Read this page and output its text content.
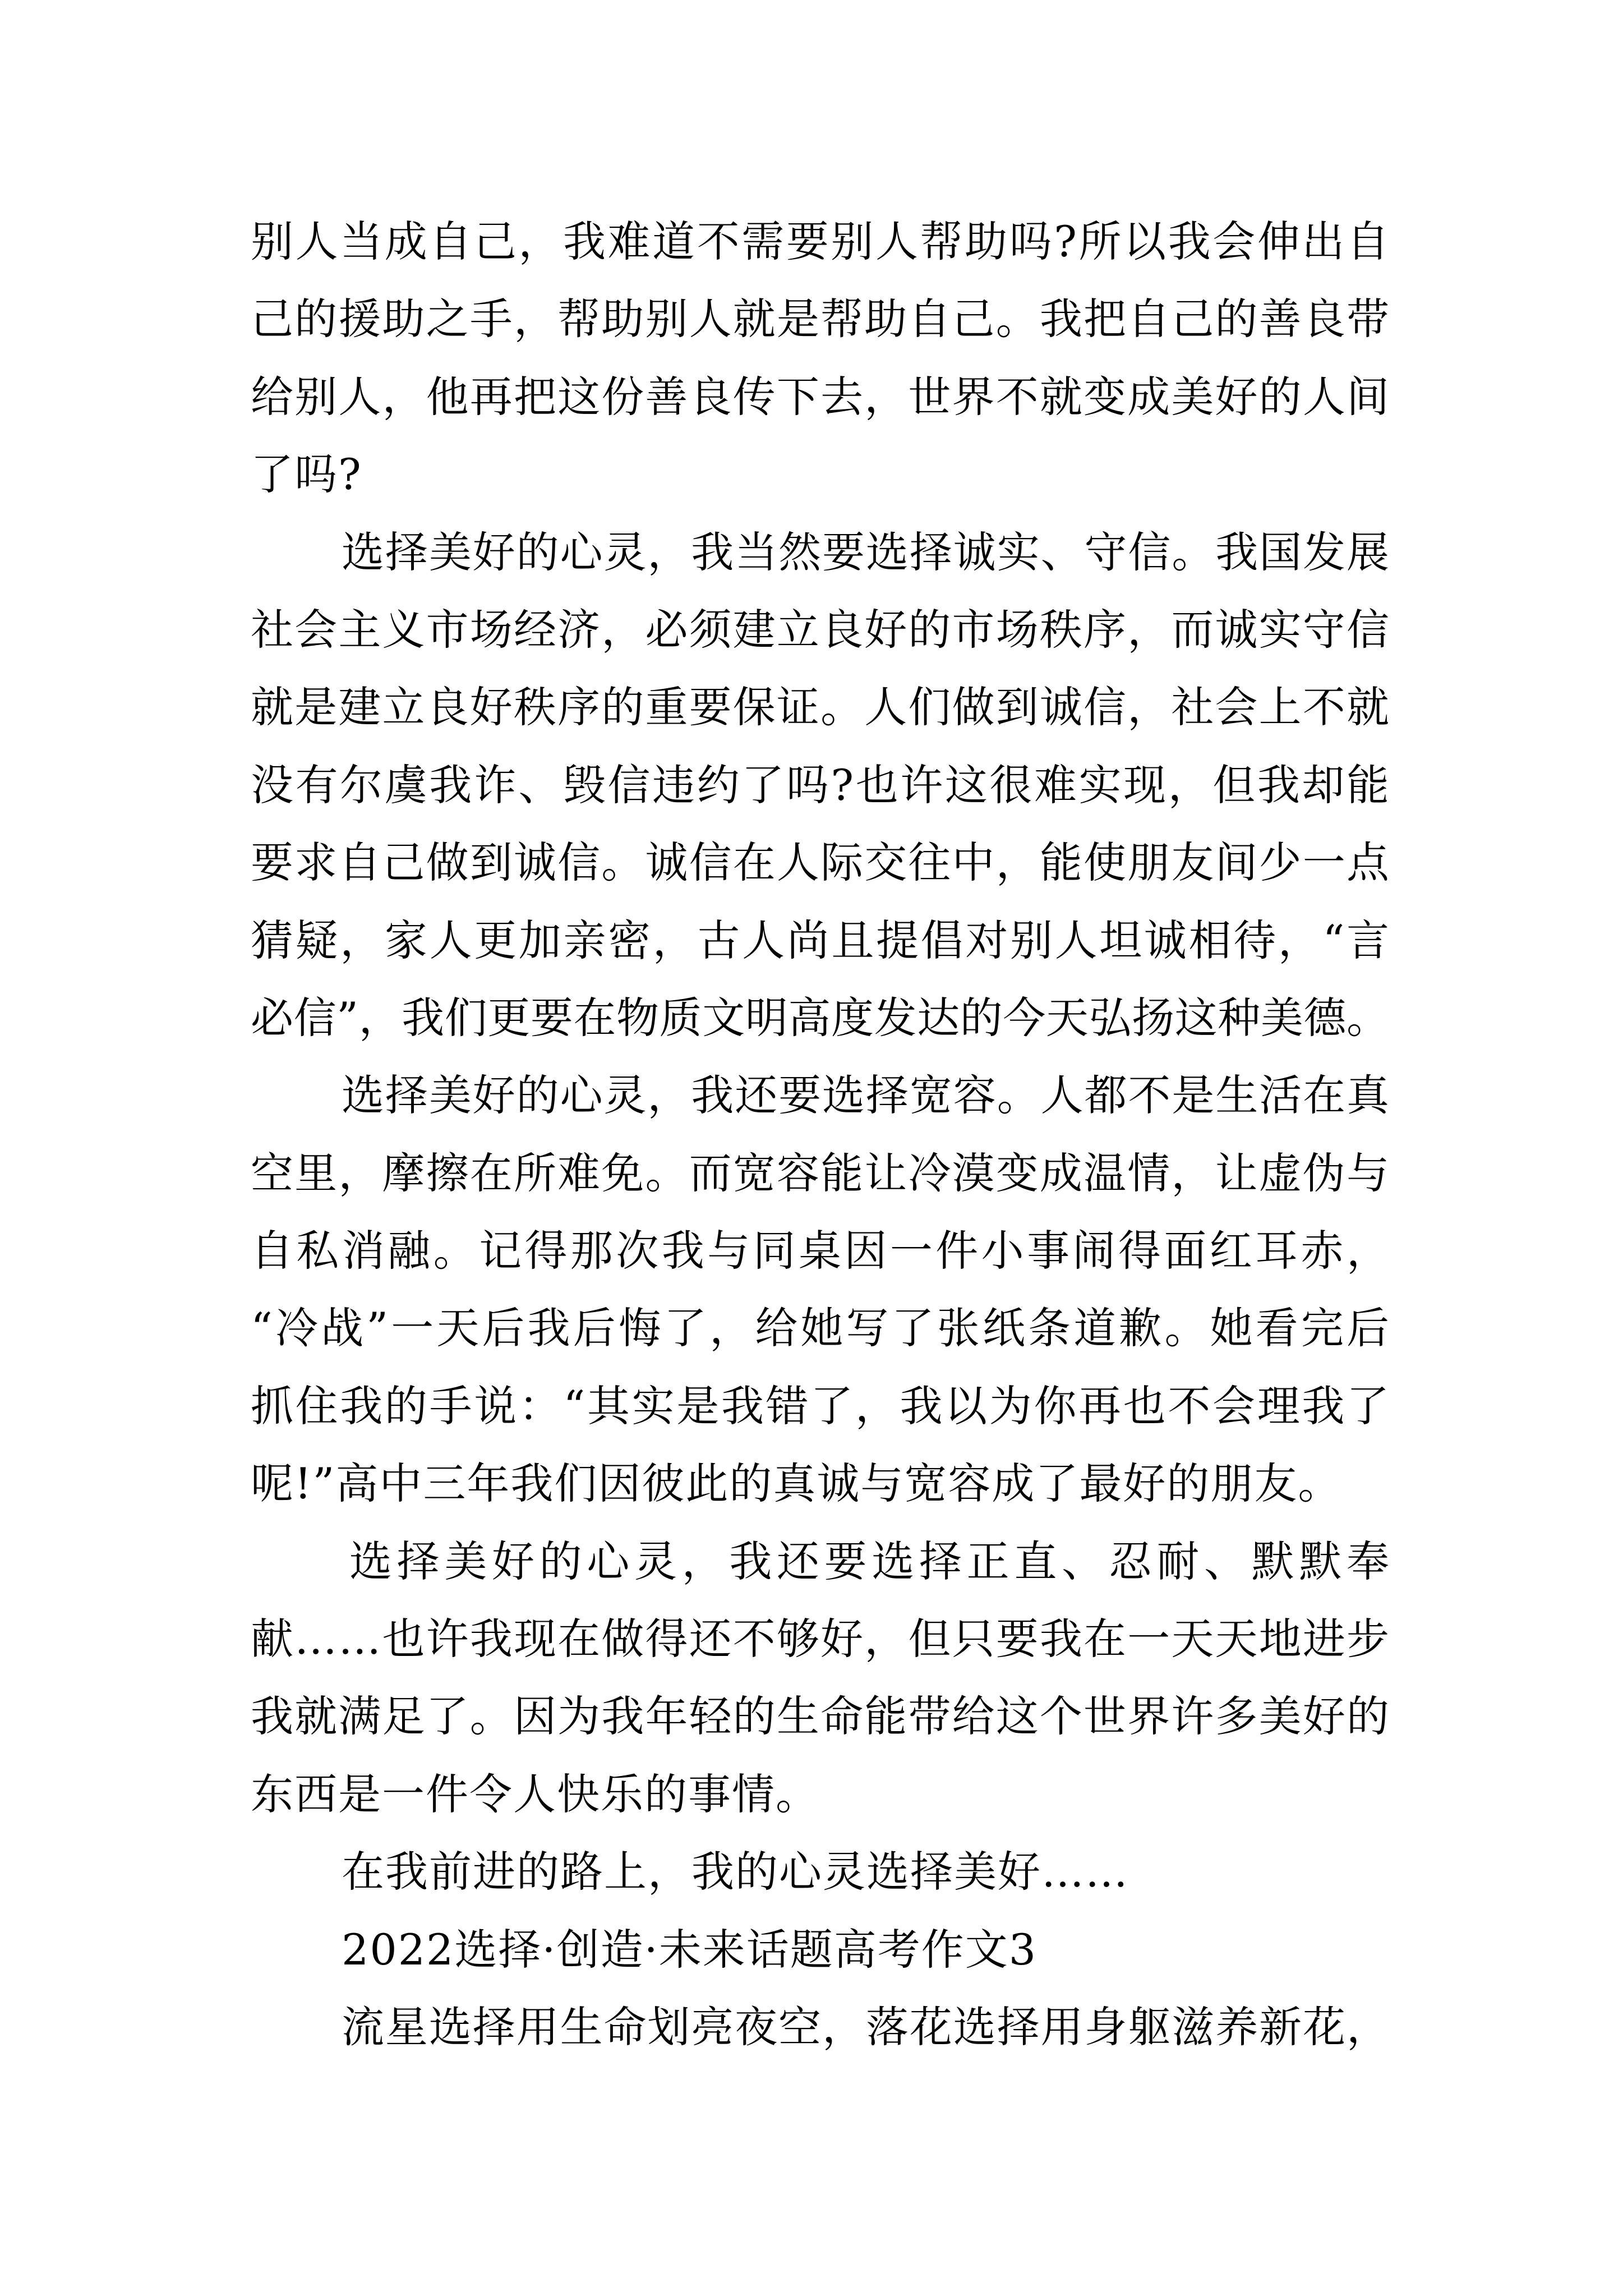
别人当成自己，我难道不需要别人帮助吗?所以我会伸出自
己的援助之手，帮助别人就是帮助自己。我把自己的善良带
给别人，他再把这份善良传下去，世界不就变成美好的人间
了吗?
选择美好的心灵，我当然要选择诚实、守信。我国发展
社会主义市场经济，必须建立良好的市场秩序，而诚实守信
就是建立良好秩序的重要保证。人们做到诚信，社会上不就
没有尔虞我诈、毁信违约了吗?也许这很难实现，但我却能
要求自己做到诚信。诚信在人际交往中，能使朋友间少一点
猜疑，家人更加亲密，古人尚且提倡对别人坦诚相待，“言
必信”，我们更要在物质文明高度发达的今天弘扬这种美德。
选择美好的心灵，我还要选择宽容。人都不是生活在真
空里，摩擦在所难免。而宽容能让冷漠变成温情，让虚伪与
自私消融。记得那次我与同桌因一件小事闹得面红耳赤，
“冷战”一天后我后悔了，给她写了张纸条道歉。她看完后
抓住我的手说：“其实是我错了，我以为你再也不会理我了
呢!”高中三年我们因彼此的真诚与宽容成了最好的朋友。
选择美好的心灵，我还要选择正直、忍耐、默默奉
献……也许我现在做得还不够好，但只要我在一天天地进步
我就满足了。因为我年轻的生命能带给这个世界许多美好的
东西是一件令人快乐的事情。
在我前进的路上，我的心灵选择美好……
2022选择·创造·未来话题高考作文3
流星选择用生命划亮夜空，落花选择用身躯滋养新花，
